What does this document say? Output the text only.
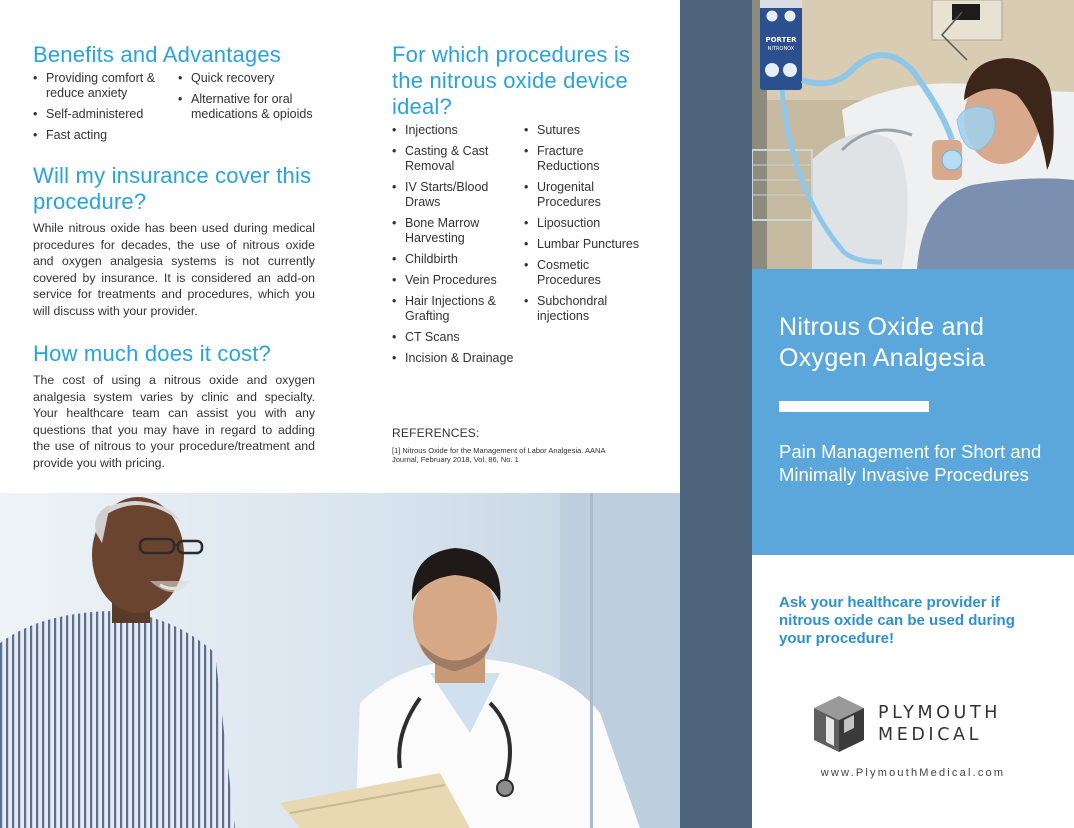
Benefits and Advantages
• Providing comfort & reduce anxiety
• Self-administered
• Fast acting
• Quick recovery
• Alternative for oral medications & opioids
Will my insurance cover this procedure?

While nitrous oxide has been used during medical procedures for decades, the use of nitrous oxide and oxygen analgesia systems is not currently covered by insurance. It is considered an add-on service for treatments and procedures, which you will discuss with your provider.

How much does it cost?

The cost of using a nitrous oxide and oxygen analgesia system varies by clinic and specialty. Your healthcare team can assist you with any questions that you may have in regard to adding the use of nitrous to your procedure/treatment and provide you with pricing.

For which procedures is the nitrous oxide device ideal?
• Injections
• Casting & Cast Removal
• IV Starts/Blood Draws
• Bone Marrow Harvesting
• Childbirth
• Vein Procedures
• Hair Injections & Grafting
• CT Scans
• Incision & Drainage
• Sutures
• Fracture Reductions
• Urogenital Procedures
• Liposuction
• Lumbar Punctures
• Cosmetic Procedures
• Subchondral injections
REFERENCES:
[1] Nitrous Oxide for the Management of Labor Analgesia. AANA Journal, February 2018, Vol. 86, No. 1
PORTER
NITRONOX
Nitrous Oxide and Oxygen Analgesia
Pain Management for Short and Minimally Invasive Procedures
Ask your healthcare provider if nitrous oxide can be used during your procedure!
PLYMOUTH
MEDICAL
www.PlymouthMedical.com
